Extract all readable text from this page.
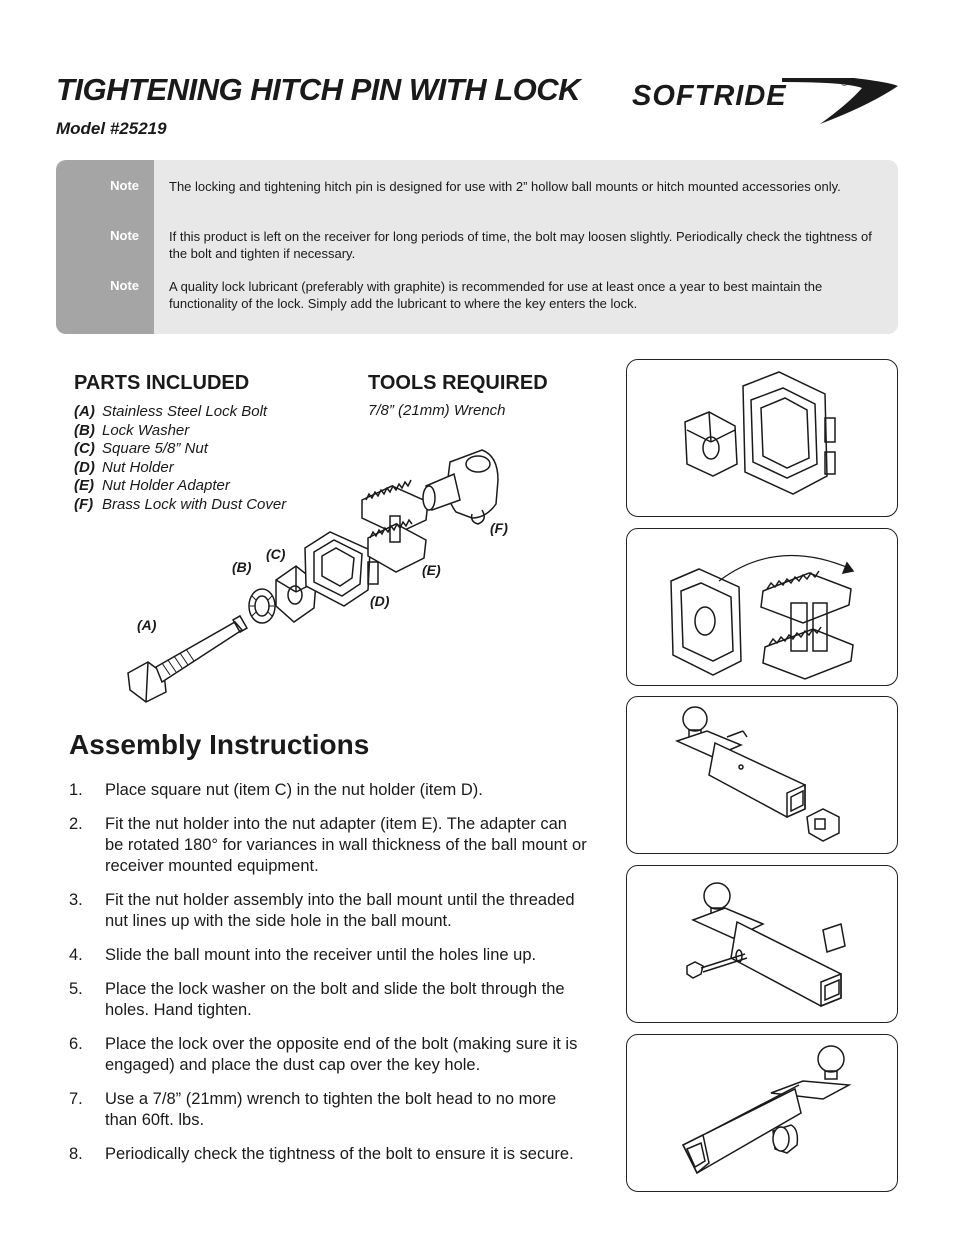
TIGHTENING HITCH PIN WITH LOCK
Model #25219
SOFTRIDE	®
Note The locking and tightening hitch pin is designed for use with 2” hollow ball mounts or hitch mounted accessories only.
Note If this product is left on the receiver for long periods of time, the bolt may loosen slightly. Periodically check the tightness of the bolt and tighten if necessary.
Note A quality lock lubricant (preferably with graphite) is recommended for use at least once a year to best maintain the functionality of the lock. Simply add the lubricant to where the key enters the lock.
PARTS INCLUDED
(A) Stainless Steel Lock Bolt
(B) Lock Washer
(C) Square 5/8” Nut
(D) Nut Holder
(E) Nut Holder Adapter
(F) Brass Lock with Dust Cover
TOOLS REQUIRED
7/8” (21mm) Wrench
(A)
(B)
(C)
(D)
(E)
(F)
Assembly Instructions
1. Place square nut (item C) in the nut holder (item D).
2. Fit the nut holder into the nut adapter (item E). The adapter can be rotated 180° for variances in wall thickness of the ball mount or receiver mounted equipment.
3. Fit the nut holder assembly into the ball mount until the threaded nut lines up with the side hole in the ball mount.
4. Slide the ball mount into the receiver until the holes line up.
5. Place the lock washer on the bolt and slide the bolt through the holes. Hand tighten.
6. Place the lock over the opposite end of the bolt (making sure it is engaged) and place the dust cap over the key hole.
7. Use a 7/8” (21mm) wrench to tighten the bolt head to no more than 60ft. lbs.
8. Periodically check the tightness of the bolt to ensure it is secure.
